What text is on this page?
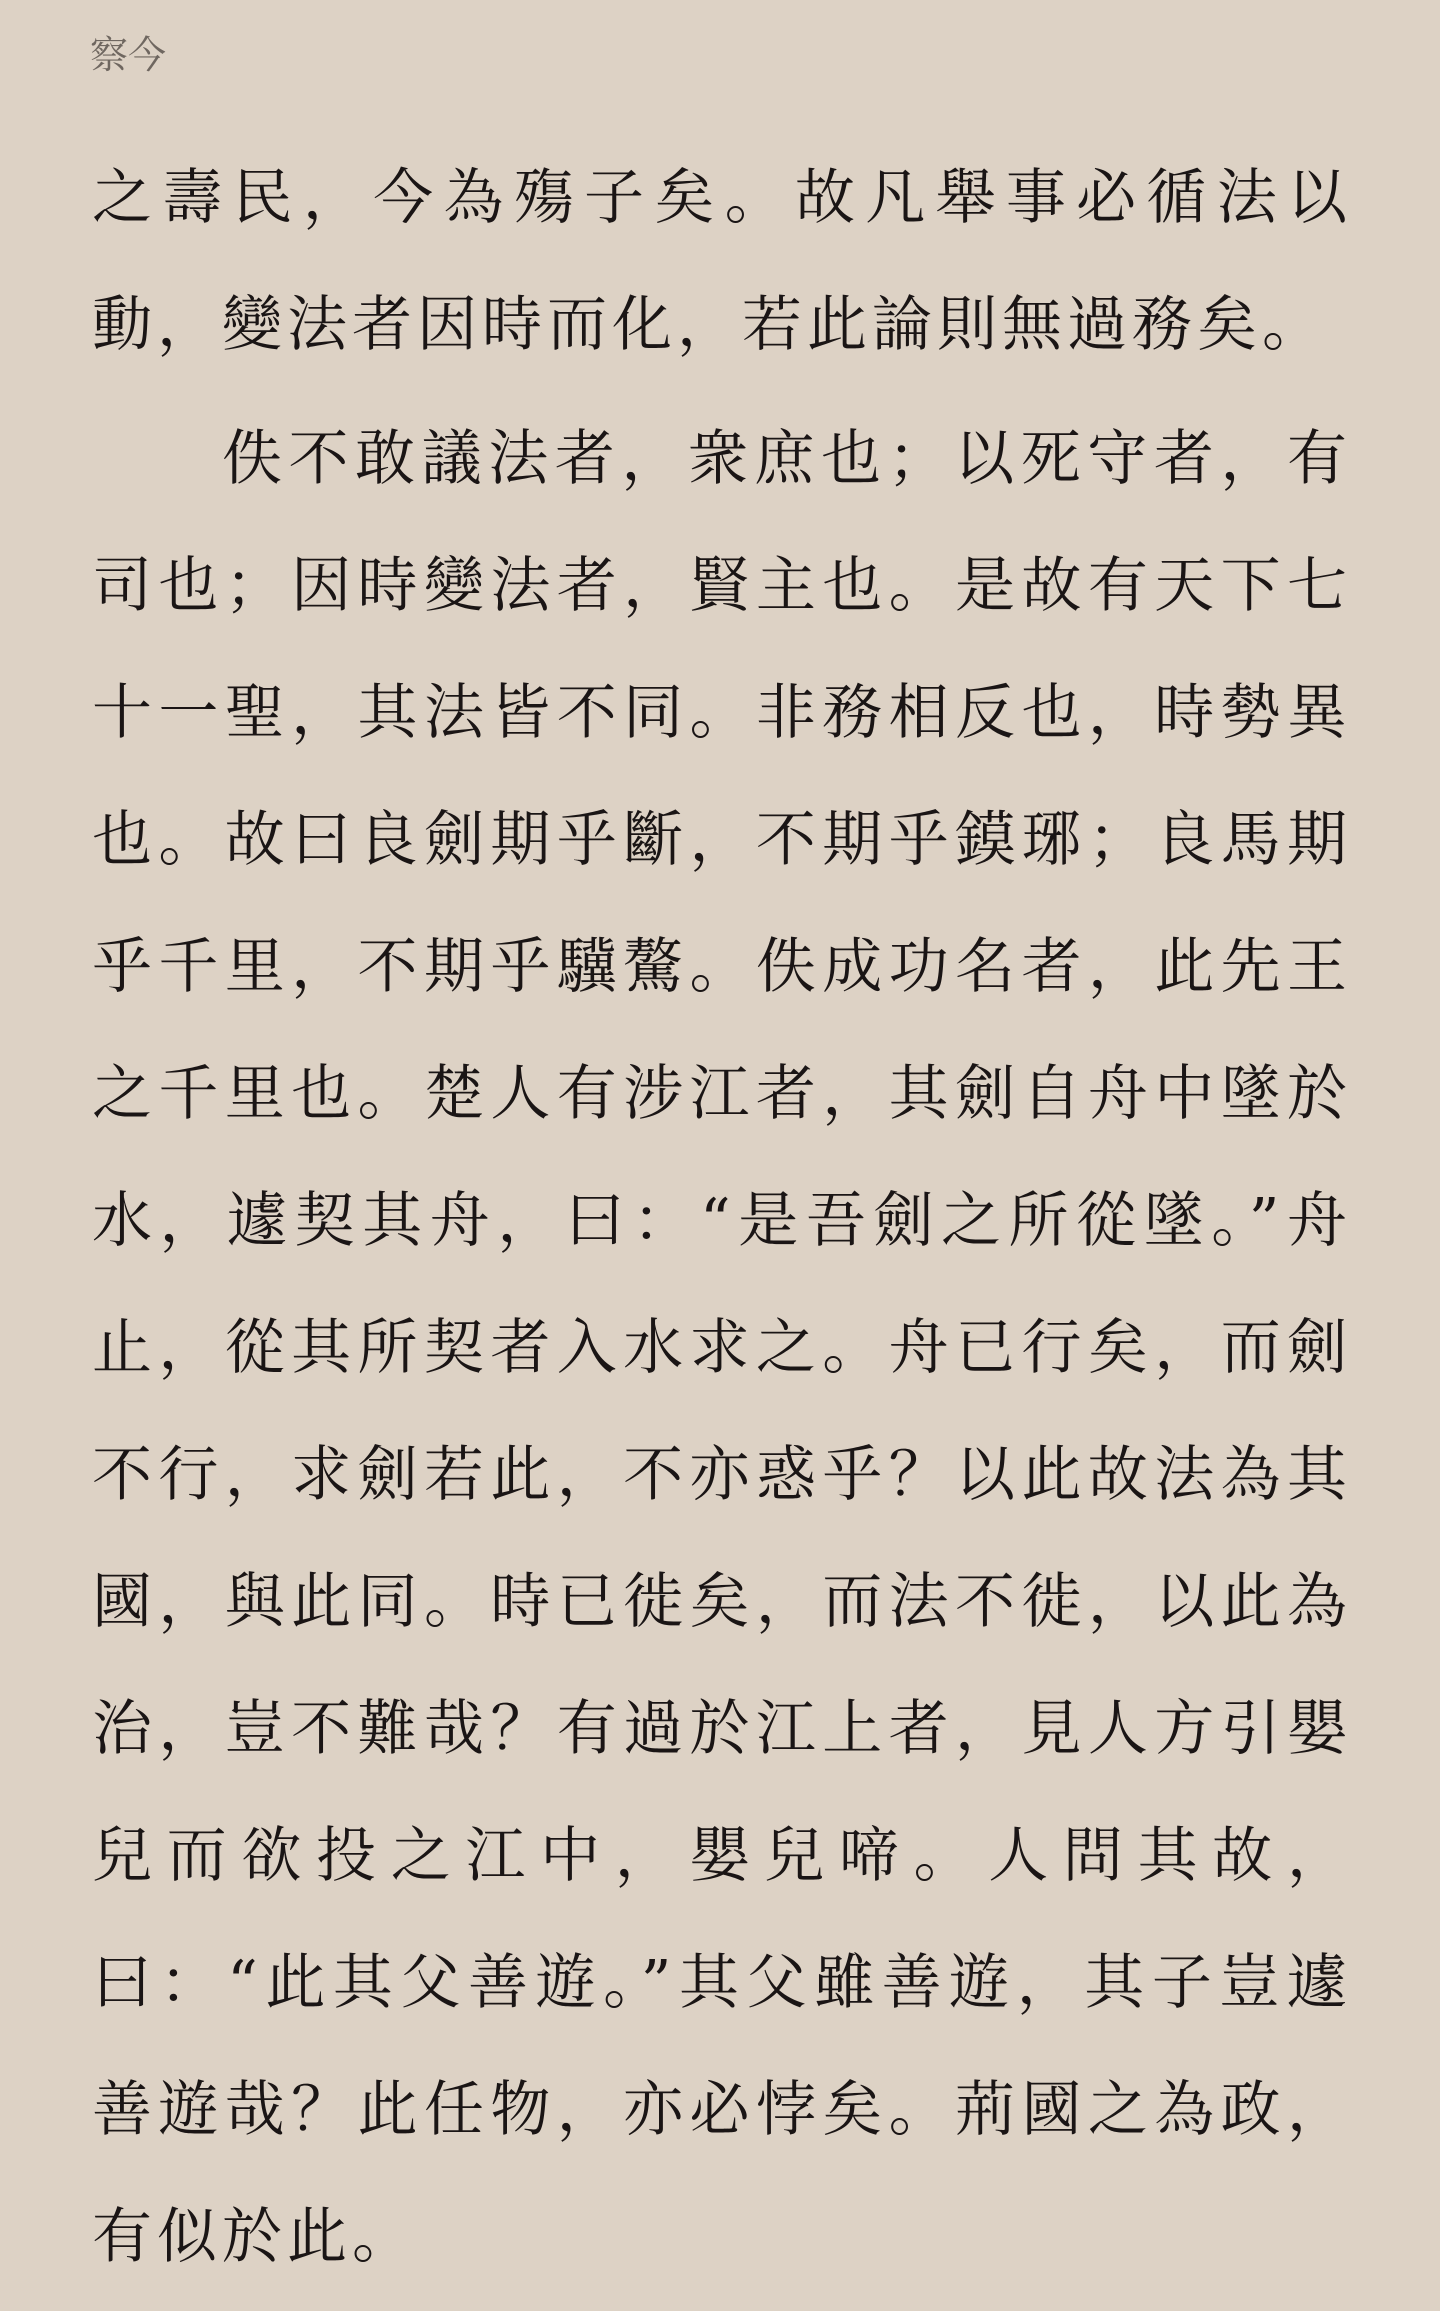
察今

之壽民，今為殤子矣。故凡舉事必循法以動，變法者因時而化，若此論則無過務矣。

佚不敢議法者，衆庶也；以死守者，有司也；因時變法者，賢主也。是故有天下七十一聖，其法皆不同。非務相反也，時勢異也。故曰良劍期乎斷，不期乎鏌琊；良馬期乎千里，不期乎驥驁。佚成功名者，此先王之千里也。楚人有涉江者，其劍自舟中墜於水，遽契其舟，曰：“是吾劍之所從墜。”舟止，從其所契者入水求之。舟已行矣，而劍不行，求劍若此，不亦惑乎？以此故法為其國，與此同。時已徙矣，而法不徙，以此為治，豈不難哉？有過於江上者，見人方引嬰兒而欲投之江中，嬰兒啼。人問其故，曰：“此其父善遊。”其父雖善遊，其子豈遽善遊哉？此任物，亦必悖矣。荊國之為政，有似於此。
